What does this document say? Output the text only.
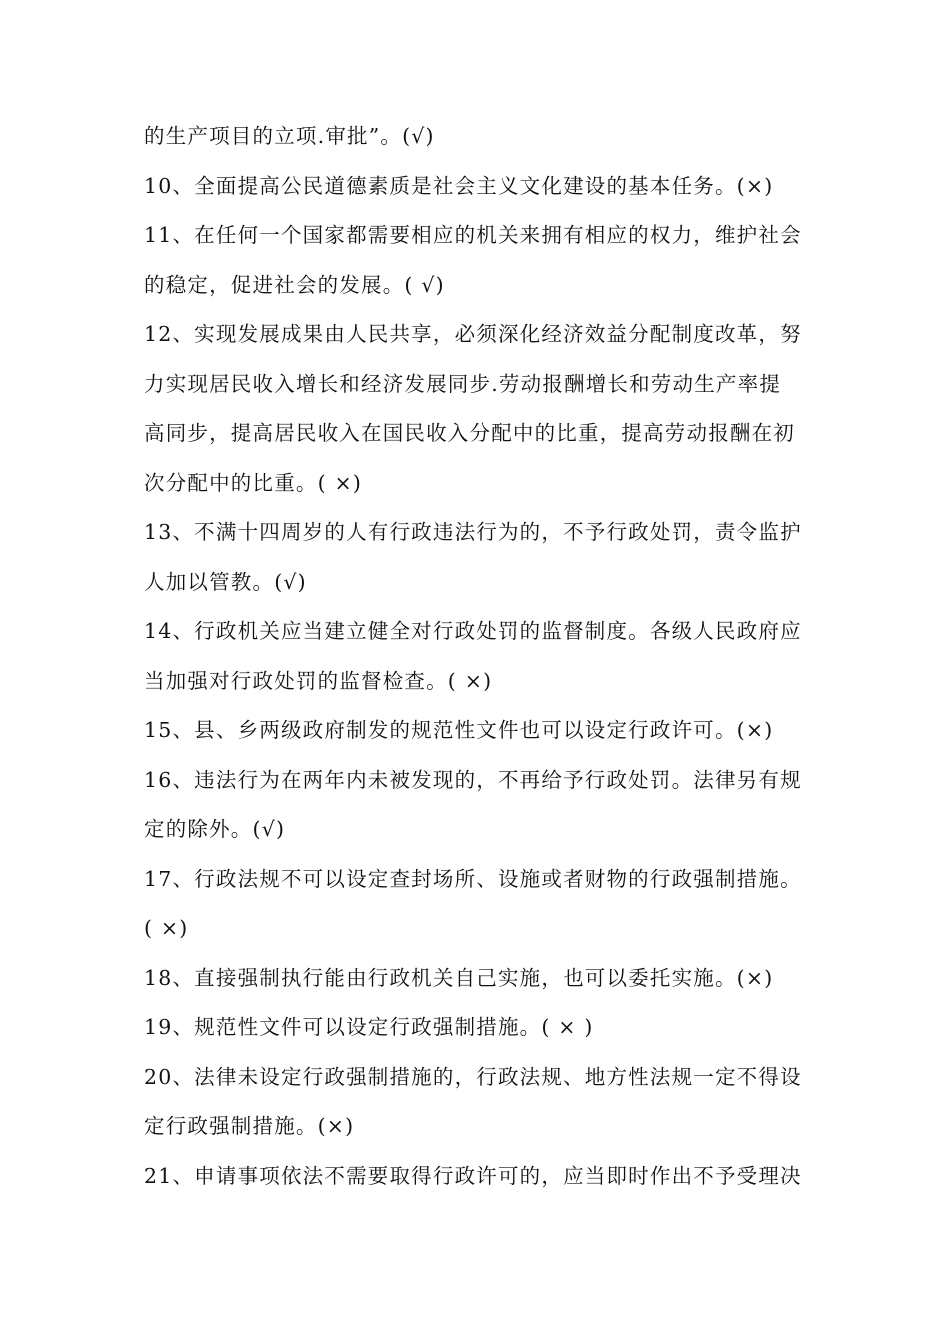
的生产项目的立项.审批”。(√)
10、全面提高公民道德素质是社会主义文化建设的基本任务。(×)
11、在任何一个国家都需要相应的机关来拥有相应的权力，维护社会
的稳定，促进社会的发展。( √)
12、实现发展成果由人民共享，必须深化经济效益分配制度改革，努
力实现居民收入增长和经济发展同步.劳动报酬增长和劳动生产率提
高同步，提高居民收入在国民收入分配中的比重，提高劳动报酬在初
次分配中的比重。( ×)
13、不满十四周岁的人有行政违法行为的，不予行政处罚，责令监护
人加以管教。(√)
14、行政机关应当建立健全对行政处罚的监督制度。各级人民政府应
当加强对行政处罚的监督检查。( ×)
15、县、乡两级政府制发的规范性文件也可以设定行政许可。(×)
16、违法行为在两年内未被发现的，不再给予行政处罚。法律另有规
定的除外。(√)
17、行政法规不可以设定查封场所、设施或者财物的行政强制措施。
( ×)
18、直接强制执行能由行政机关自己实施，也可以委托实施。(×)
19、规范性文件可以设定行政强制措施。( × )
20、法律未设定行政强制措施的，行政法规、地方性法规一定不得设
定行政强制措施。(×)
21、申请事项依法不需要取得行政许可的，应当即时作出不予受理决
